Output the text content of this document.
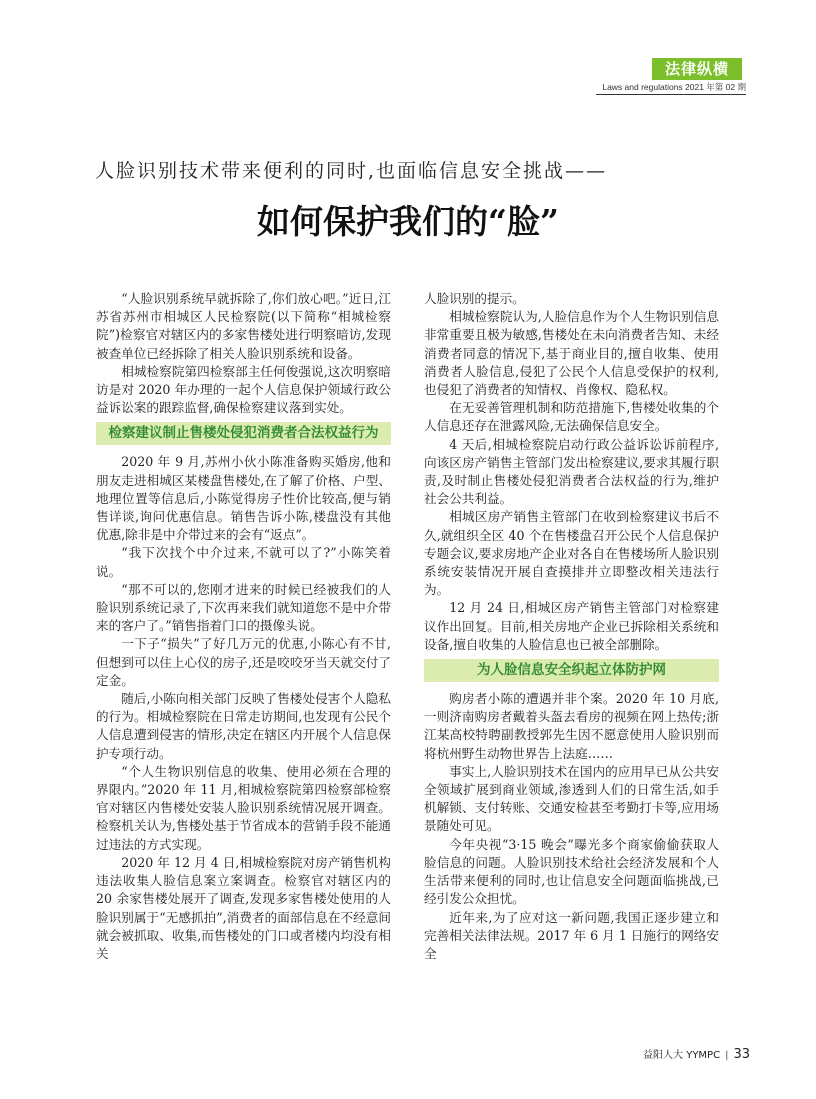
法律纵横
Laws and regulations 2021 年第 02 期
人脸识别技术带来便利的同时,也面临信息安全挑战——
如何保护我们的“脸”

“人脸识别系统早就拆除了,你们放心吧。”近日,江苏省苏州市相城区人民检察院(以下简称“相城检察院”)检察官对辖区内的多家售楼处进行明察暗访,发现被查单位已经拆除了相关人脸识别系统和设备。

相城检察院第四检察部主任何俊强说,这次明察暗访是对 2020 年办理的一起个人信息保护领域行政公益诉讼案的跟踪监督,确保检察建议落到实处。

检察建议制止售楼处侵犯消费者合法权益行为

2020 年 9 月,苏州小伙小陈准备购买婚房,他和朋友走进相城区某楼盘售楼处,在了解了价格、户型、地理位置等信息后,小陈觉得房子性价比较高,便与销售详谈,询问优惠信息。销售告诉小陈,楼盘没有其他优惠,除非是中介带过来的会有“返点”。

“我下次找个中介过来,不就可以了?”小陈笑着说。

“那不可以的,您刚才进来的时候已经被我们的人脸识别系统记录了,下次再来我们就知道您不是中介带来的客户了。”销售指着门口的摄像头说。

一下子“损失”了好几万元的优惠,小陈心有不甘,但想到可以住上心仪的房子,还是咬咬牙当天就交付了定金。

随后,小陈向相关部门反映了售楼处侵害个人隐私的行为。相城检察院在日常走访期间,也发现有公民个人信息遭到侵害的情形,决定在辖区内开展个人信息保护专项行动。

“个人生物识别信息的收集、使用必须在合理的界限内。”2020 年 11 月,相城检察院第四检察部检察官对辖区内售楼处安装人脸识别系统情况展开调查。检察机关认为,售楼处基于节省成本的营销手段不能通过违法的方式实现。

2020 年 12 月 4 日,相城检察院对房产销售机构违法收集人脸信息案立案调查。检察官对辖区内的 20 余家售楼处展开了调查,发现多家售楼处使用的人脸识别属于“无感抓拍”,消费者的面部信息在不经意间就会被抓取、收集,而售楼处的门口或者楼内均没有相关

人脸识别的提示。

相城检察院认为,人脸信息作为个人生物识别信息非常重要且极为敏感,售楼处在未向消费者告知、未经消费者同意的情况下,基于商业目的,擅自收集、使用消费者人脸信息,侵犯了公民个人信息受保护的权利,也侵犯了消费者的知情权、肖像权、隐私权。

在无妥善管理机制和防范措施下,售楼处收集的个人信息还存在泄露风险,无法确保信息安全。

4 天后,相城检察院启动行政公益诉讼诉前程序,向该区房产销售主管部门发出检察建议,要求其履行职责,及时制止售楼处侵犯消费者合法权益的行为,维护社会公共利益。

相城区房产销售主管部门在收到检察建议书后不久,就组织全区 40 个在售楼盘召开公民个人信息保护专题会议,要求房地产企业对各自在售楼场所人脸识别系统安装情况开展自查摸排并立即整改相关违法行为。

12 月 24 日,相城区房产销售主管部门对检察建议作出回复。目前,相关房地产企业已拆除相关系统和设备,擅自收集的人脸信息也已被全部删除。

为人脸信息安全织起立体防护网

购房者小陈的遭遇并非个案。2020 年 10 月底,一则济南购房者戴着头盔去看房的视频在网上热传;浙江某高校特聘副教授郭先生因不愿意使用人脸识别而将杭州野生动物世界告上法庭……

事实上,人脸识别技术在国内的应用早已从公共安全领域扩展到商业领域,渗透到人们的日常生活,如手机解锁、支付转账、交通安检甚至考勤打卡等,应用场景随处可见。

今年央视“3·15 晚会”曝光多个商家偷偷获取人脸信息的问题。人脸识别技术给社会经济发展和个人生活带来便利的同时,也让信息安全问题面临挑战,已经引发公众担忧。

近年来,为了应对这一新问题,我国正逐步建立和完善相关法律法规。2017 年 6 月 1 日施行的网络安全

益阳人大 YYMPC | 33
